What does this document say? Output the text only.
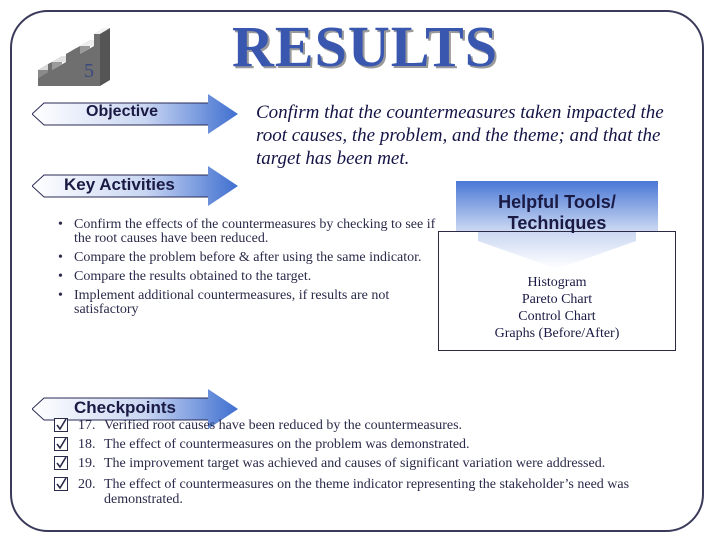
5 RESULTS
Objective	Confirm that the countermeasures taken impacted the root causes, the problem, and the theme; and that the target has been met.
Key Activities
• Confirm the effects of the countermeasures by checking to see if the root causes have been reduced.
• Compare the problem before & after using the same indicator.
• Compare the results obtained to the target.
• Implement additional countermeasures, if results are not satisfactory
Helpful Tools/
Techniques
Histogram
Pareto Chart
Control Chart
Graphs (Before/After)
Checkpoints
17. Verified root causes have been reduced by the countermeasures.
18. The effect of countermeasures on the problem was demonstrated.
19. The improvement target was achieved and causes of significant variation were addressed.
20. The effect of countermeasures on the theme indicator representing the stakeholder’s need was demonstrated.
